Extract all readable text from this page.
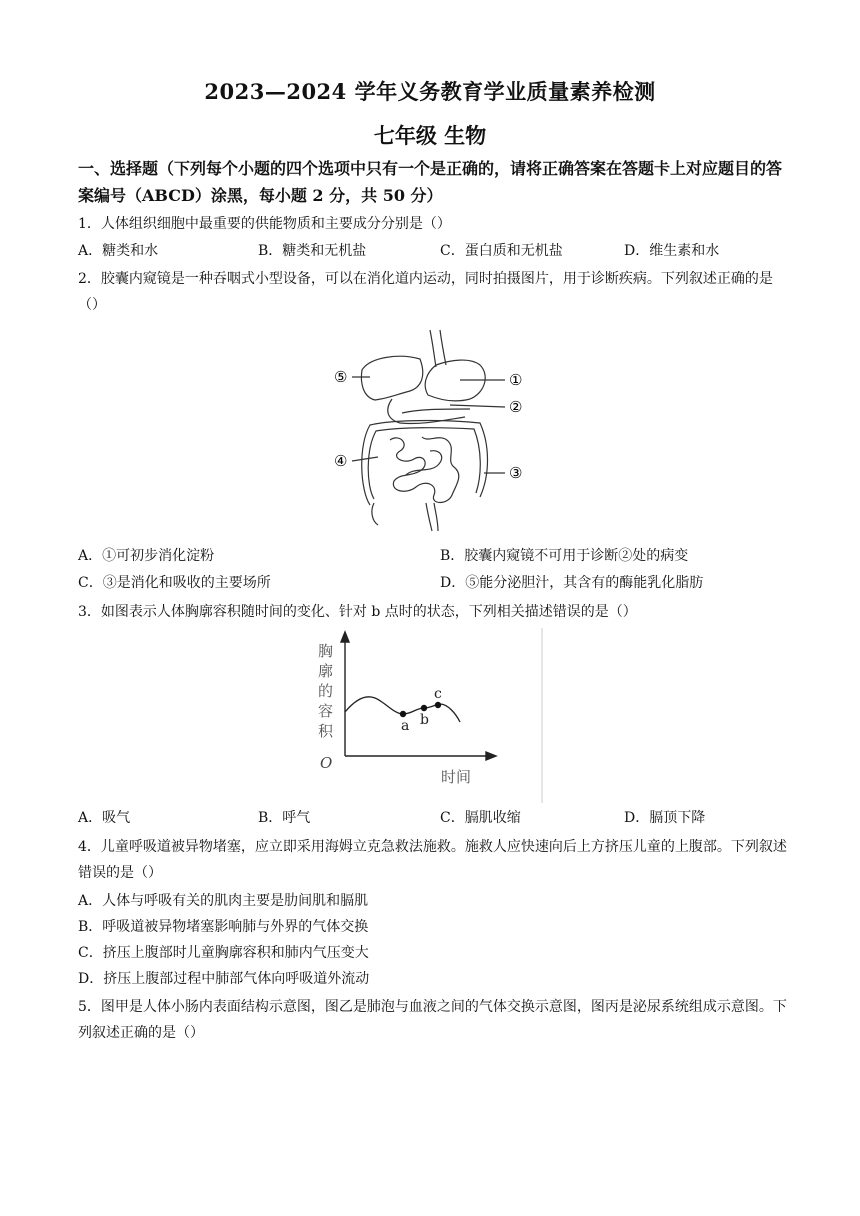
2023—2024 学年义务教育学业质量素养检测
七年级 生物
一、选择题（下列每个小题的四个选项中只有一个是正确的，请将正确答案在答题卡上对应题目的答案编号（ABCD）涂黑，每小题 2 分，共 50 分）
1．人体组织细胞中最重要的供能物质和主要成分分别是（）
A．糖类和水	B．糖类和无机盐	C．蛋白质和无机盐	D．维生素和水
2．胶囊内窥镜是一种吞咽式小型设备，可以在消化道内运动，同时拍摄图片，用于诊断疾病。下列叙述正确的是（）
①
②
③
④
⑤
A．①可初步消化淀粉	B．胶囊内窥镜不可用于诊断②处的病变
C．③是消化和吸收的主要场所	D．⑤能分泌胆汁，其含有的酶能乳化脂肪
3．如图表示人体胸廓容积随时间的变化、针对 b 点时的状态，下列相关描述错误的是（）
胸 廓 的 容 积
O
时间
a b
c
A．吸气	B．呼气	C．膈肌收缩	D．膈顶下降
4．儿童呼吸道被异物堵塞，应立即采用海姆立克急救法施救。施救人应快速向后上方挤压儿童的上腹部。下列叙述错误的是（）
A．人体与呼吸有关的肌肉主要是肋间肌和膈肌
B．呼吸道被异物堵塞影响肺与外界的气体交换
C．挤压上腹部时儿童胸廓容积和肺内气压变大
D．挤压上腹部过程中肺部气体向呼吸道外流动
5．图甲是人体小肠内表面结构示意图，图乙是肺泡与血液之间的气体交换示意图，图丙是泌尿系统组成示意图。下列叙述正确的是（）
